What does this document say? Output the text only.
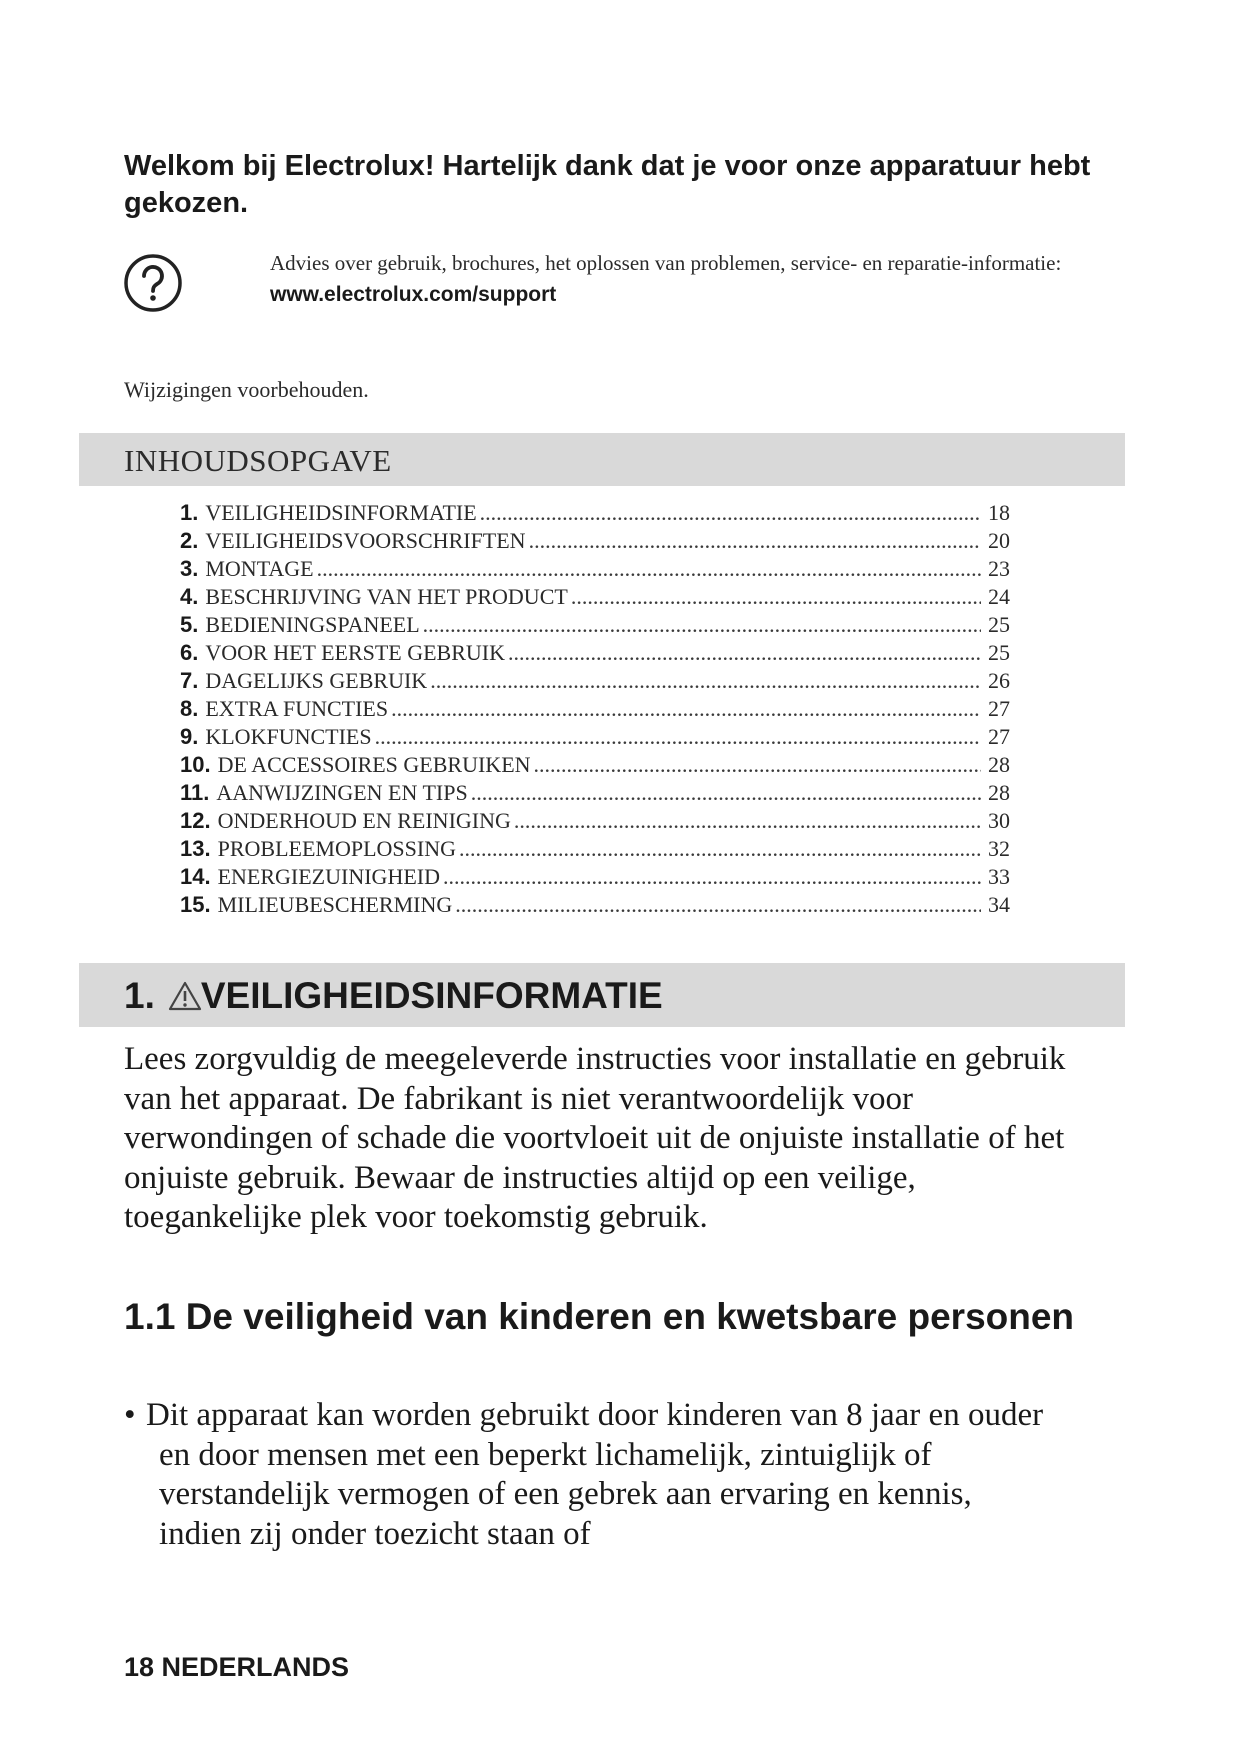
Welkom bij Electrolux! Hartelijk dank dat je voor onze apparatuur hebt gekozen.
Advies over gebruik, brochures, het oplossen van problemen, service- en reparatie-informatie:
www.electrolux.com/support
Wijzigingen voorbehouden.
INHOUDSOPGAVE
1. VEILIGHEIDSINFORMATIE .....	18
2. VEILIGHEIDSVOORSCHRIFTEN .....	20
3. MONTAGE .....	23
4. BESCHRIJVING VAN HET PRODUCT .....	24
5. BEDIENINGSPANEEL .....	25
6. VOOR HET EERSTE GEBRUIK .....	25
7. DAGELIJKS GEBRUIK .....	26
8. EXTRA FUNCTIES .....	27
9. KLOKFUNCTIES .....	27
10. DE ACCESSOIRES GEBRUIKEN .....	28
11. AANWIJZINGEN EN TIPS .....	28
12. ONDERHOUD EN REINIGING .....	30
13. PROBLEEMOPLOSSING .....	32
14. ENERGIEZUINIGHEID .....	33
15. MILIEUBESCHERMING .....	34
1. VEILIGHEIDSINFORMATIE
Lees zorgvuldig de meegeleverde instructies voor installatie en gebruik van het apparaat. De fabrikant is niet verantwoordelijk voor verwondingen of schade die voortvloeit uit de onjuiste installatie of het onjuiste gebruik. Bewaar de instructies altijd op een veilige, toegankelijke plek voor toekomstig gebruik.
1.1 De veiligheid van kinderen en kwetsbare personen
• Dit apparaat kan worden gebruikt door kinderen van 8 jaar en ouder en door mensen met een beperkt lichamelijk, zintuiglijk of verstandelijk vermogen of een gebrek aan ervaring en kennis, indien zij onder toezicht staan of
18 NEDERLANDS
